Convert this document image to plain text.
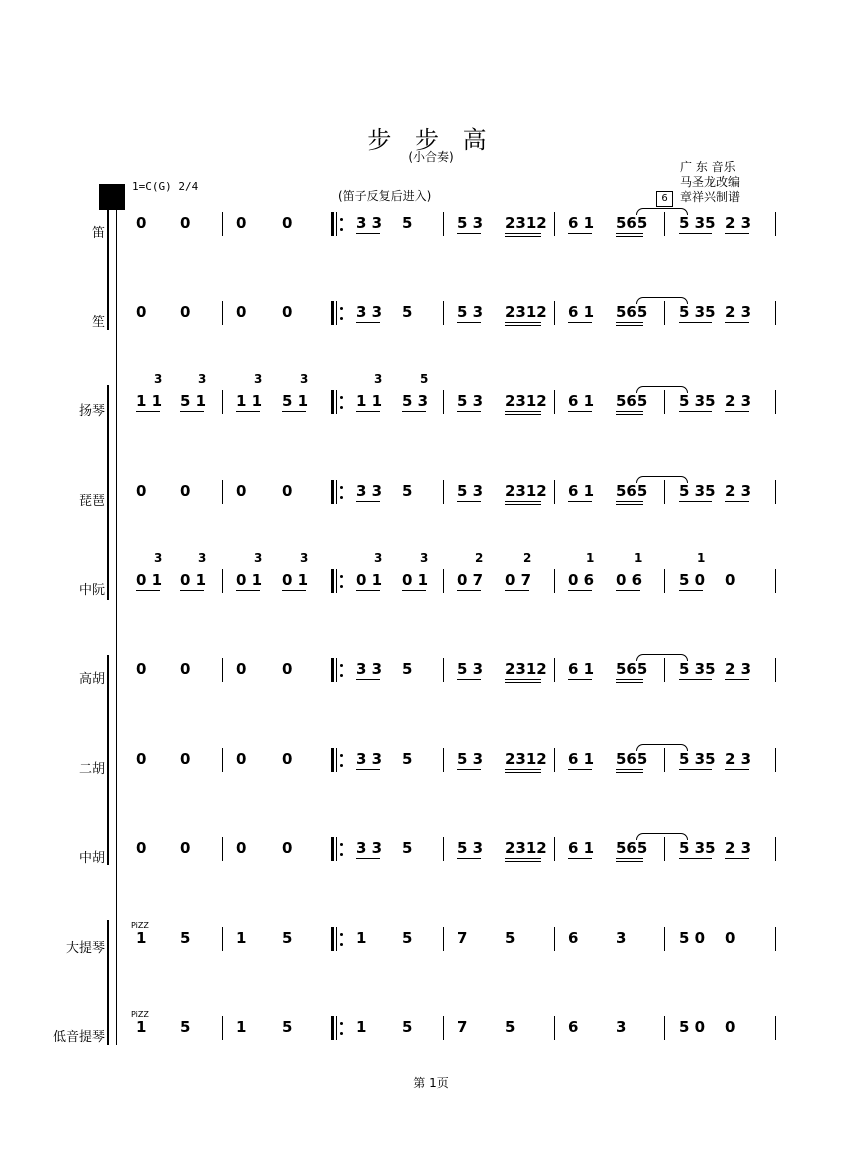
步 步 高
(小合奏)
广 东 音乐
马圣龙改编
章祥兴制谱
6
1=C(G) 2/4
(笛子反复后进入)
笛
0 0	0 0	3 3 5	5 3 2312 6 1 565 5 35 2 3
笙
0 0	0 0	3 3 5	5 3 2312 6 1 565 5 35 2 3
扬琴
1 1 5 1 1 1 5 1	1 1 5 3 5 3 2312 6 1 565 5 35 2 3
3	3	3	3	3	5
琵琶
0 0	0 0	3 3 5	5 3 2312 6 1 565 5 35 2 3
中阮
0 1 0 1 0 1 0 1	0 1 0 1 0 7 0 7 0 6 0 6 5 0 0
3	3	3	3	3	3	2	2	1	1	1
高胡
0 0	0 0	3 3 5	5 3 2312 6 1 565 5 35 2 3
二胡
0 0	0 0	3 3 5	5 3 2312 6 1 565 5 35 2 3
中胡
0 0	0 0	3 3 5	5 3 2312 6 1 565 5 35 2 3
大提琴
1 5	1 5	1 5	7	5	6	3	5 0 0
PiZZ
低音提琴
1 5	1 5	1 5	7	5	6	3	5 0 0
PiZZ
第 1页
